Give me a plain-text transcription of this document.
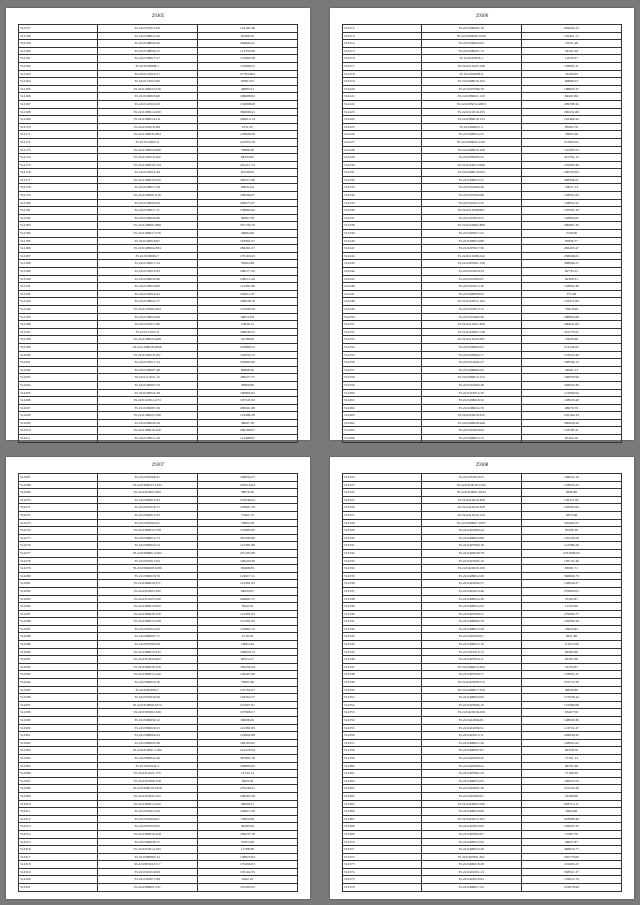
29305
512157	35.22.0107011.00	124182.48
512158	35.22.0108012.20	65396.56
512159	35.22.0108020.20	284609.41
512160	35.22.0108020.15	121350.00
512161	35.22.0108017.57	175669.28
512162	35.22.0109008.1	155698.31
512163	35.22.0112013.57	27784.004
512164	35.22.0113010.96	6399.105
512165	35.22.0109024.256	49883.21
512166	35.22.0109025.60	186688.82
512167	35.22.0110016.50	132898.08
512168	35.22.0109014.200	384698.41
512169	35.22.0109014.211	284915.14
512170	35.22.0110016.381	4731.67
512171	35.22.0109031.894	118826.69
512172	35.22.0110021.0	241055.39
512173	35.22.0109024.000	76996.36
512174	35.22.0110010.102	98434.85
512175	35.22.0109019.734	291217.74
512176	35.22.0110012.48	95236.82
512177	35.22.0109019.532	290111.86
512178	35.22.0109017.49	90831.02
512179	35.22.0109001.916	169586.07
512180	35.22.0109003.94	282973.27
512181	35.22.0109017.11	109984.62
512182	35.22.0109020.96	68387.58
512183	35.22.0109001.899	337133.79
512184	35.22.0109017.276	56684.66
512185	35.22.0109018.07	167991.07
512186	35.22.0108004.304	282201.27
512187	35.22.0109002.7	170163.43
512188	35.22.0109017.54	35995.68
512189	35.22.0110013.03	186177.32
512190	35.22.0109032.98	108211.29
512191	35.22.0109018.80	141381.80
512192	35.22.0110014.03	162611.47
512193	35.22.0108022.17	199946.78
512194	35.22.0110001.004	155299.29
512195	35.22.0109022.09	94811.09
512196	35.22.0110011.86	10836.12
512197	35.22.0111015.8	186646.55
512198	35.22.0109024.408	54789.00
512199	35.22.0109018.2096	253908.52
512200	35.22.0110018.197	145833.72
512201	35.22.0110017.54	232895.69
512202	35.22.0109007.46	80098.26
512203	35.22.0111021.15	189277.27
512204	35.22.0109007.53	30860.60
512205	35.22.0109022.28	160895.62
512206	35.22.0110014.274	197245.32
512207	35.22.0109007.29	290601.68
512208	35.22.0109023.796	119386.28
512209	35.22.0109020.16	38697.38
512210	35.22.0109016.430	266108.07
512211	35.22.0109011.29	121488.67
29306
512212	35.22.0209002.10	264294.24
512213	35.22.0209026.1639	162401.71
512214	35.22.0209024.63	71051.48
512215	35.22.0209001.15	46191.29
512216	35.22.0210018.1	11633.97
512217	35.22.0211025.198	156893.11
512218	35.22.0204008.4	79160.03
512219	35.22.0208016.104	69086.53
512220	35.22.0207006.70	188665.37
512221	35.22.0209021.119	69401.86
512222	35.22.0205014.2863	299798.34
512223	35.22.0212016.235	290431.80
512224	35.22.0209019.123	165469.42
512225	35.22.0206011.2	85265.78
512226	35.22.0209012.55	76005.36
512227	35.22.0209022.1567	215823.61
512228	35.22.0208019.166	107405.53
512229	35.22.0205005.52	327761.15
512230	35.22.0210015.696	270695.36
512231	35.22.0208010.004	200793.03
512232	35.22.0206012.21	368396.27
512233	35.22.0210004.36	79651.14
512234	35.22.0207004.68	158501.83
512235	35.22.0210012.22	128852.41
512236	35.22.0211008.897	105591.43
512237	35.22.0210018.27	128063.85
512238	35.22.0210001.889	200981.35
512239	35.22.0205017.22	5749.00
512240	35.22.0206010.89	95836.77
512241	35.22.0207017.30	282465.47
512242	35.22.0211008.244	236646.01
512243	35.22.0207001.130	308696.27
512244	35.22.0210018.33	62733.15
512245	35.22.0210006.97	92309.31
512246	35.22.0210012.30	128062.40
512247	35.22.0209008.05	375.09
512248	35.22.0210011.104	118313.89
512249	35.22.0210015.72	79918.96
512250	35.22.0210004.36	288964.88
512251	35.22.0211001.268	580041.84
512252	35.22.0210002.739	361770.97
512253	35.22.0211020.285	70026.66
512254	35.22.0209003.91	513142.82
512255	35.22.0203004.71	157633.46
512256	35.22.0212004.47	108598.12
512257	35.22.0208004.62	44681.13
512258	35.22.0209013.115	168330.99
512259	35.22.0210004.48	348453.36
512260	35.22.0210012.70	115836.94
512261	35.22.0206018.52	128043.40
512262	35.22.0209024.76	98076.70
512263	35.22.0210019.252	232164.33
512264	35.22.0208028.446	300926.26
512265	35.22.0210019.64	118763.41
512266	35.22.0209013.15	81262.19
29307
512267	35.22.0310008.41	169956.27
512268	35.22.0309023.1294	281016.64
512269	35.22.0310003.369	38876.36
512270	35.22.0304010.33	251046.22
512271	35.22.0301016.71	129901.56
512272	35.22.0302011.03	75401.75
512273	35.22.0305002.61	70962.39
512274	35.22.0309014.728	141985.85
512275	35.22.0308012.73	281396.80
512276	35.22.0309024.54	141381.80
512277	35.22.0309001.3162	247187.68
512278	35.22.0310017.04	106420.36
512279	35.22.0304008.3289	99468.85
512280	35.22.0309018.79	101617.11
512281	35.22.0306019.371	141381.83
512282	35.22.0310005.332	84932.87
512283	35.22.0311025.229	246681.75
512284	35.22.0306019.082	3942.35
512285	35.22.0309020.276	141381.83
512286	35.22.0309013.228	141381.85
512287	35.22.0310014.03	118863.13
512288	35.22.0306007.17	4719.50
512289	35.22.0307009.59	18694.26
512290	35.22.0308010.315	166829.14
512291	35.22.0310024.062	66372.27
512292	35.22.0306018.120	185456.34
512293	35.22.0309012.246	126497.96
512294	35.22.0309019.10	79991.86
512295	35.22.0305002.7	125791.67
512296	35.22.0310018.26	118319.27
512297	35.22.0310009.3272	231667.91
512298	35.22.0305002.349	107988.27
512299	35.22.0309030.12	66636.49
512300	35.22.0309016.53	141381.83
512301	35.22.0306002.04	143692.68
512302	35.22.0309021.08	169165.02
512303	35.22.0310001.1184	221470.94
512304	35.22.0309024.20	387982.18
512305	35.22.0310024.3	238683.03
512306	35.22.0311021.175	12724.13
512307	35.22.0307008.159	8203.56
512308	35.22.0309018.2358	279349.41
512309	35.22.0310021.252	198205.29
512310	35.22.0305015.422	39090.21
512311	35.22.0310012.20	149617.26
512312	35.22.0310020.01	55822.99
512313	35.22.0307020.02	48185.95
512314	35.22.0309018.428	236237.78
512315	35.22.0309028.75	55353.89
512316	35.22.0310014.165	11788.38
512317	35.22.0309003.12	128823.84
512318	35.22.0305012.3-7	170490.03
512319	35.22.0310016.09	105102.35
512320	35.22.0310017.88	4362.10
512321	35.22.0306001.251	101283.52
29308
512322	35.22.0310018.27	109624.19
512323	35.22.0310018.1232	118833.20
512324	35.22.0410001.2934	3836.80
512325	35.22.0412016.288	136157.65
512326	35.22.0412016.329	183583.94
512327	35.22.0411016.122	2875.68
512328	35.22.0409007.1097	320263.27
512329	35.22.0410004.44	95589.19
512330	35.22.0409016.80	105526.58
512331	35.22.0407009.16	112586.26
512332	35.22.0405028.78	4761908.05
512333	35.22.0410004.10	105741.40
512334	35.22.0410016.150	96581.71
512335	35.22.0409012.26	396906.73
512336	35.22.0410002.57	128026.27
512337	35.22.0410014.46	276893.03
512338	35.22.0409014.38	55165.87
512339	35.22.0409012.05	11543.96
512340	35.22.0407009.31	279982.77
512341	35.22.0409004.79	184382.59
512342	35.22.0408013.28	18643.82
512343	35.22.0410006.07	4931.80
512344	35.22.0409012.19	111913.09
512345	35.22.0412013.12	66565.60
512346	35.22.0407019.11	81581.60
512347	35.22.0409012.204	31335.87
512348	35.22.0407009.71	118691.45
512349	35.22.0407008.513	276772.29
512350	35.22.0409017.259	99929.80
512351	35.22.0409016.95	157638.44
512352	35.22.0410004.10	115690.88
512353	35.22.0410016.259	95407.56
512354	35.22.0412004.81	108829.36
512355	35.22.0412009.51	113719.47
512356	35.22.0410013.11	226639.45
512357	35.22.0409011.26	128091.62
512358	35.22.0409007.87	62329.76
512359	35.22.0410006.25	77191.14
512360	35.22.0410008.41	89701.68
512361	35.22.0407001.43	71188.30
512362	35.22.0409012.05	199953.70
512363	35.22.0410001.30	161432.29
512364	35.22.0410003.91	52286.98
512365	35.22.0410007.090	658713.11
512366	35.22.0409018.60	8484.86
512367	35.22.0410012.303	203898.46
512368	35.22.0410010.85	182955.35
512369	35.22.0407002.07	15387.70
512370	35.22.0409015.94	36051.87
512371	35.22.0409010.49	468016.77
512372	35.22.0407001.291	250779.00
512373	35.22.0409018.28	191665.25
512374	35.22.0410001.13	358501.37
512375	35.22.0410018.03	132012.76
512376	35.22.0409017.22	231678.99
